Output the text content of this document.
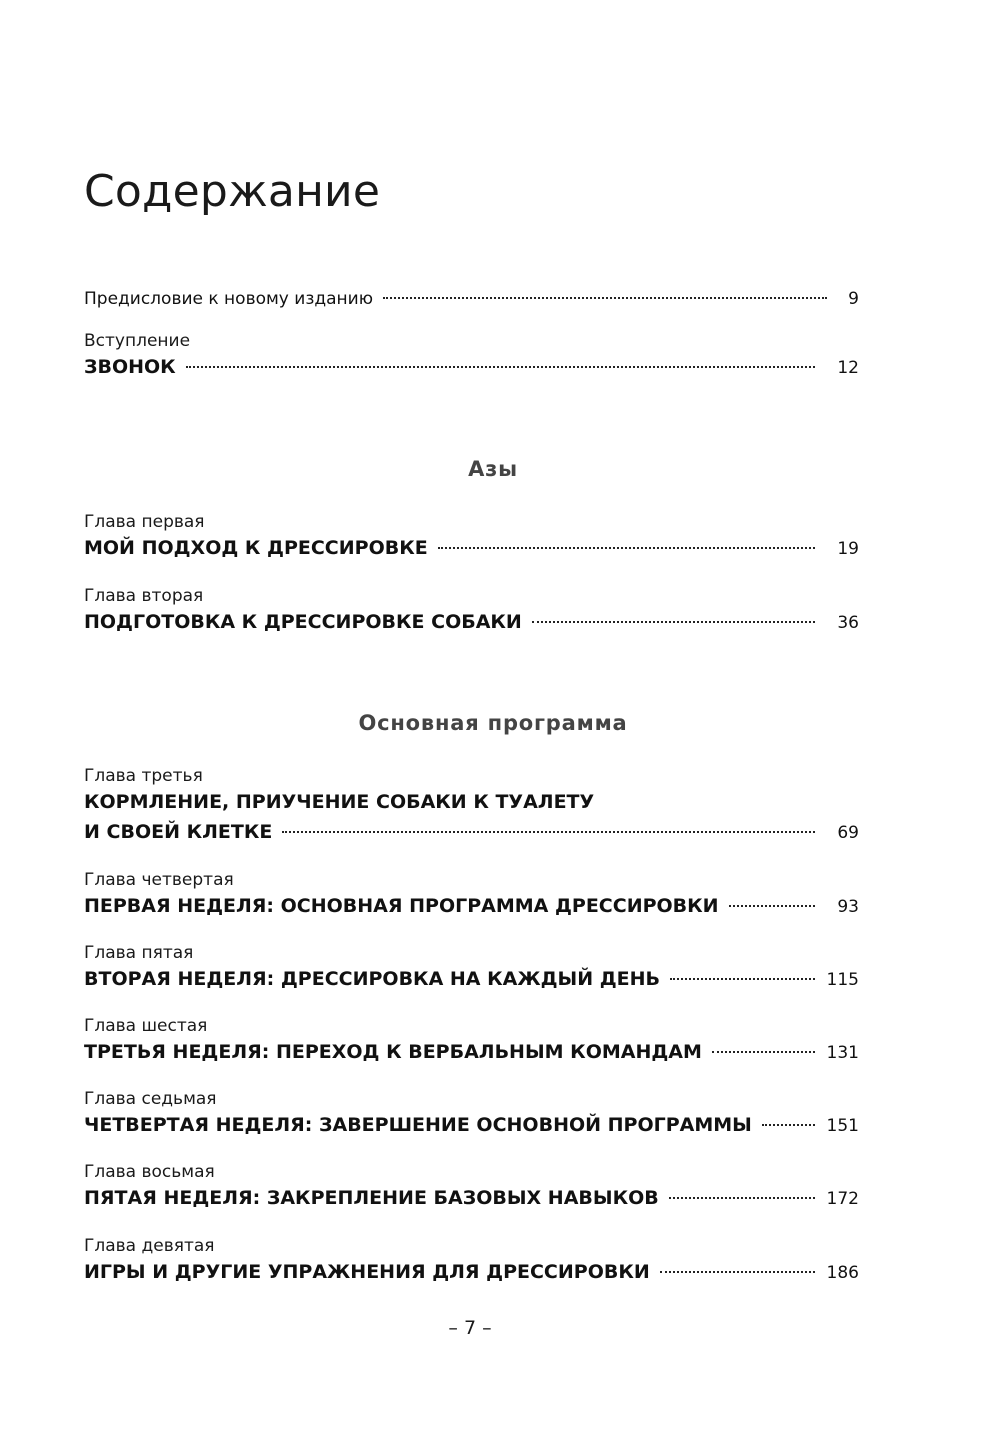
Содержание
Предисловие к новому изданию	9
Вступление
ЗВОНОК	12
Азы
Глава первая
МОЙ ПОДХОД К ДРЕССИРОВКЕ	19
Глава вторая
ПОДГОТОВКА К ДРЕССИРОВКЕ СОБАКИ	36
Основная программа
Глава третья
КОРМЛЕНИЕ, ПРИУЧЕНИЕ СОБАКИ К ТУАЛЕТУ
И СВОЕЙ КЛЕТКЕ	69
Глава четвертая
ПЕРВАЯ НЕДЕЛЯ: ОСНОВНАЯ ПРОГРАММА ДРЕССИРОВКИ	93
Глава пятая
ВТОРАЯ НЕДЕЛЯ: ДРЕССИРОВКА НА КАЖДЫЙ ДЕНЬ	115
Глава шестая
ТРЕТЬЯ НЕДЕЛЯ: ПЕРЕХОД К ВЕРБАЛЬНЫМ КОМАНДАМ	131
Глава седьмая
ЧЕТВЕРТАЯ НЕДЕЛЯ: ЗАВЕРШЕНИЕ ОСНОВНОЙ ПРОГРАММЫ	151
Глава восьмая
ПЯТАЯ НЕДЕЛЯ: ЗАКРЕПЛЕНИЕ БАЗОВЫХ НАВЫКОВ	172
Глава девятая
ИГРЫ И ДРУГИЕ УПРАЖНЕНИЯ ДЛЯ ДРЕССИРОВКИ	186
– 7 –
